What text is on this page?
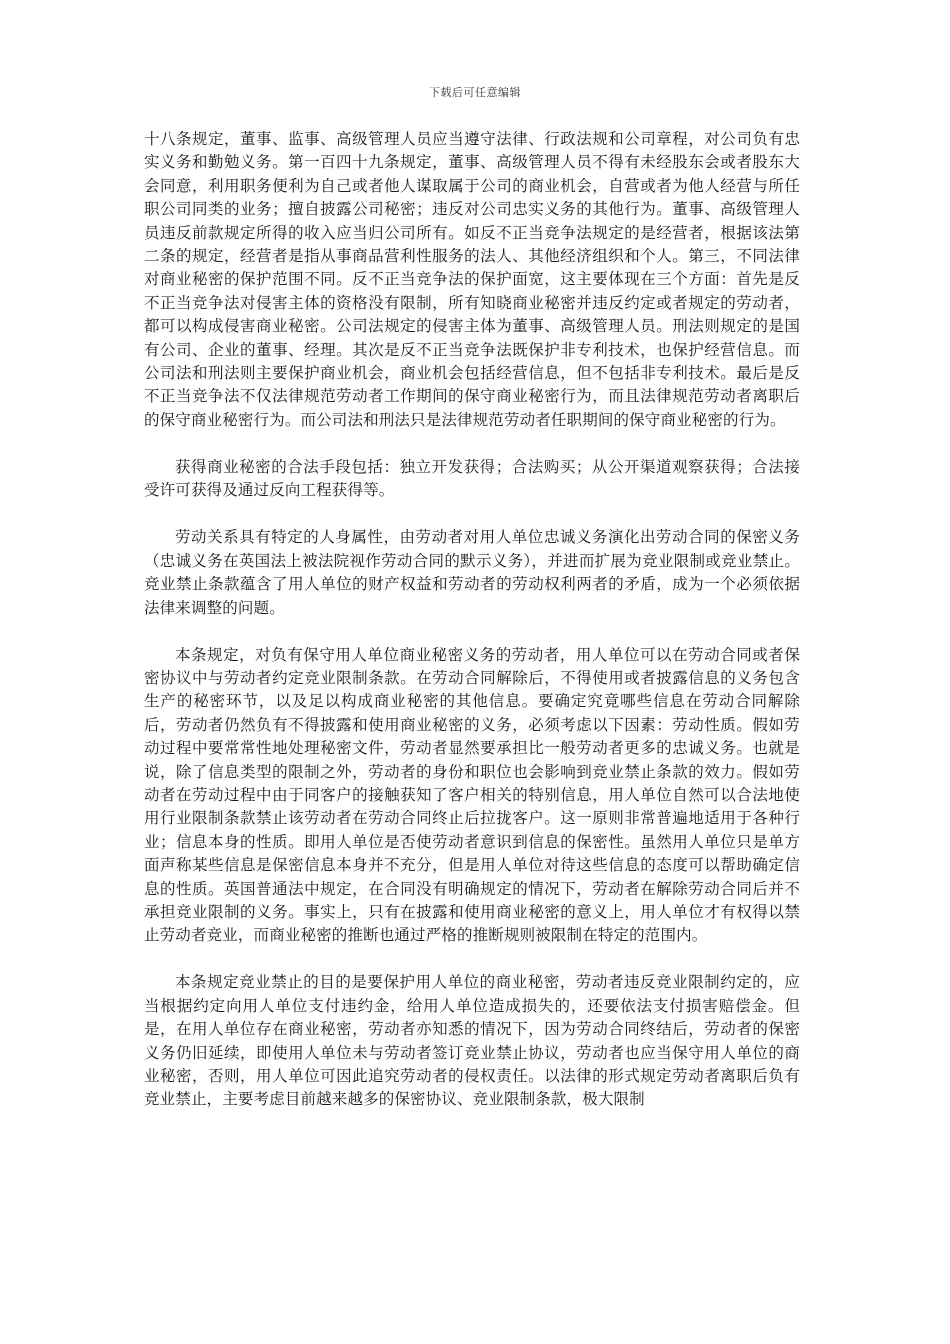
下载后可任意编辑

十八条规定，董事、监事、高级管理人员应当遵守法律、行政法规和公司章程，对公司负有忠实义务和勤勉义务。第一百四十九条规定，董事、高级管理人员不得有未经股东会或者股东大会同意，利用职务便利为自己或者他人谋取属于公司的商业机会，自营或者为他人经营与所任职公司同类的业务；擅自披露公司秘密；违反对公司忠实义务的其他行为。董事、高级管理人员违反前款规定所得的收入应当归公司所有。如反不正当竞争法规定的是经营者，根据该法第二条的规定，经营者是指从事商品营利性服务的法人、其他经济组织和个人。第三，不同法律对商业秘密的保护范围不同。反不正当竞争法的保护面宽，这主要体现在三个方面：首先是反不正当竞争法对侵害主体的资格没有限制，所有知晓商业秘密并违反约定或者规定的劳动者，都可以构成侵害商业秘密。公司法规定的侵害主体为董事、高级管理人员。刑法则规定的是国有公司、企业的董事、经理。其次是反不正当竞争法既保护非专利技术，也保护经营信息。而公司法和刑法则主要保护商业机会，商业机会包括经营信息，但不包括非专利技术。最后是反不正当竞争法不仅法律规范劳动者工作期间的保守商业秘密行为，而且法律规范劳动者离职后的保守商业秘密行为。而公司法和刑法只是法律规范劳动者任职期间的保守商业秘密的行为。

获得商业秘密的合法手段包括：独立开发获得；合法购买；从公开渠道观察获得；合法接受许可获得及通过反向工程获得等。

劳动关系具有特定的人身属性，由劳动者对用人单位忠诚义务演化出劳动合同的保密义务（忠诚义务在英国法上被法院视作劳动合同的默示义务），并进而扩展为竞业限制或竞业禁止。竞业禁止条款蕴含了用人单位的财产权益和劳动者的劳动权利两者的矛盾，成为一个必须依据法律来调整的问题。

本条规定，对负有保守用人单位商业秘密义务的劳动者，用人单位可以在劳动合同或者保密协议中与劳动者约定竞业限制条款。在劳动合同解除后，不得使用或者披露信息的义务包含生产的秘密环节，以及足以构成商业秘密的其他信息。要确定究竟哪些信息在劳动合同解除后，劳动者仍然负有不得披露和使用商业秘密的义务，必须考虑以下因素：劳动性质。假如劳动过程中要常常性地处理秘密文件，劳动者显然要承担比一般劳动者更多的忠诚义务。也就是说，除了信息类型的限制之外，劳动者的身份和职位也会影响到竞业禁止条款的效力。假如劳动者在劳动过程中由于同客户的接触获知了客户相关的特别信息，用人单位自然可以合法地使用行业限制条款禁止该劳动者在劳动合同终止后拉拢客户。这一原则非常普遍地适用于各种行业；信息本身的性质。即用人单位是否使劳动者意识到信息的保密性。虽然用人单位只是单方面声称某些信息是保密信息本身并不充分，但是用人单位对待这些信息的态度可以帮助确定信息的性质。英国普通法中规定，在合同没有明确规定的情况下，劳动者在解除劳动合同后并不承担竞业限制的义务。事实上，只有在披露和使用商业秘密的意义上，用人单位才有权得以禁止劳动者竞业，而商业秘密的推断也通过严格的推断规则被限制在特定的范围内。

本条规定竞业禁止的目的是要保护用人单位的商业秘密，劳动者违反竞业限制约定的，应当根据约定向用人单位支付违约金，给用人单位造成损失的，还要依法支付损害赔偿金。但是，在用人单位存在商业秘密，劳动者亦知悉的情况下，因为劳动合同终结后，劳动者的保密义务仍旧延续，即使用人单位未与劳动者签订竞业禁止协议，劳动者也应当保守用人单位的商业秘密，否则，用人单位可因此追究劳动者的侵权责任。以法律的形式规定劳动者离职后负有竞业禁止，主要考虑目前越来越多的保密协议、竞业限制条款，极大限制
